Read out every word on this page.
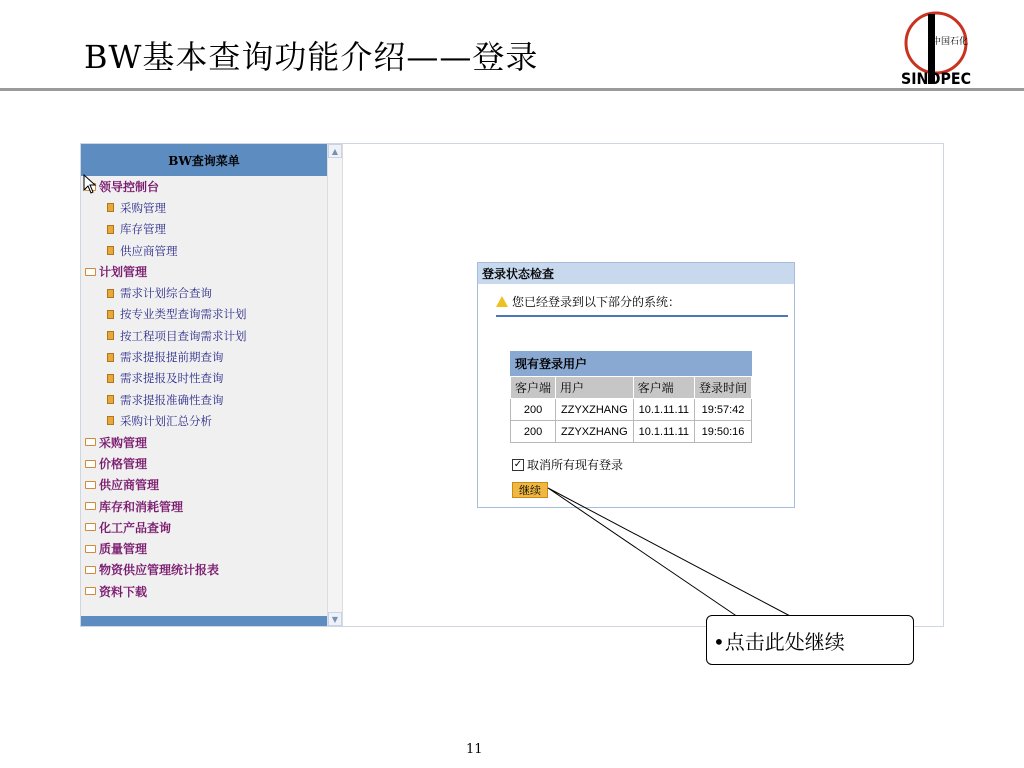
BW基本查询功能介绍——登录	中国石化
SINOPEC
BW查询菜单
领导控制台
采购管理
库存管理
供应商管理
计划管理
需求计划综合查询
按专业类型查询需求计划
按工程项目查询需求计划
需求提报提前期查询
需求提报及时性查询
需求提报准确性查询
采购计划汇总分析
采购管理
价格管理
供应商管理
库存和消耗管理
化工产品查询
质量管理
物资供应管理统计报表
资料下载
▲
▼
登录状态检查
您已经登录到以下部分的系统：
现有登录用户
客户端	用户	客户端	登录时间
200	ZZYXZHANG	10.1.11.11	19:57:42
200	ZZYXZHANG	10.1.11.11	19:50:16
✓ 取消所有现有登录
继续
•点击此处继续
11
